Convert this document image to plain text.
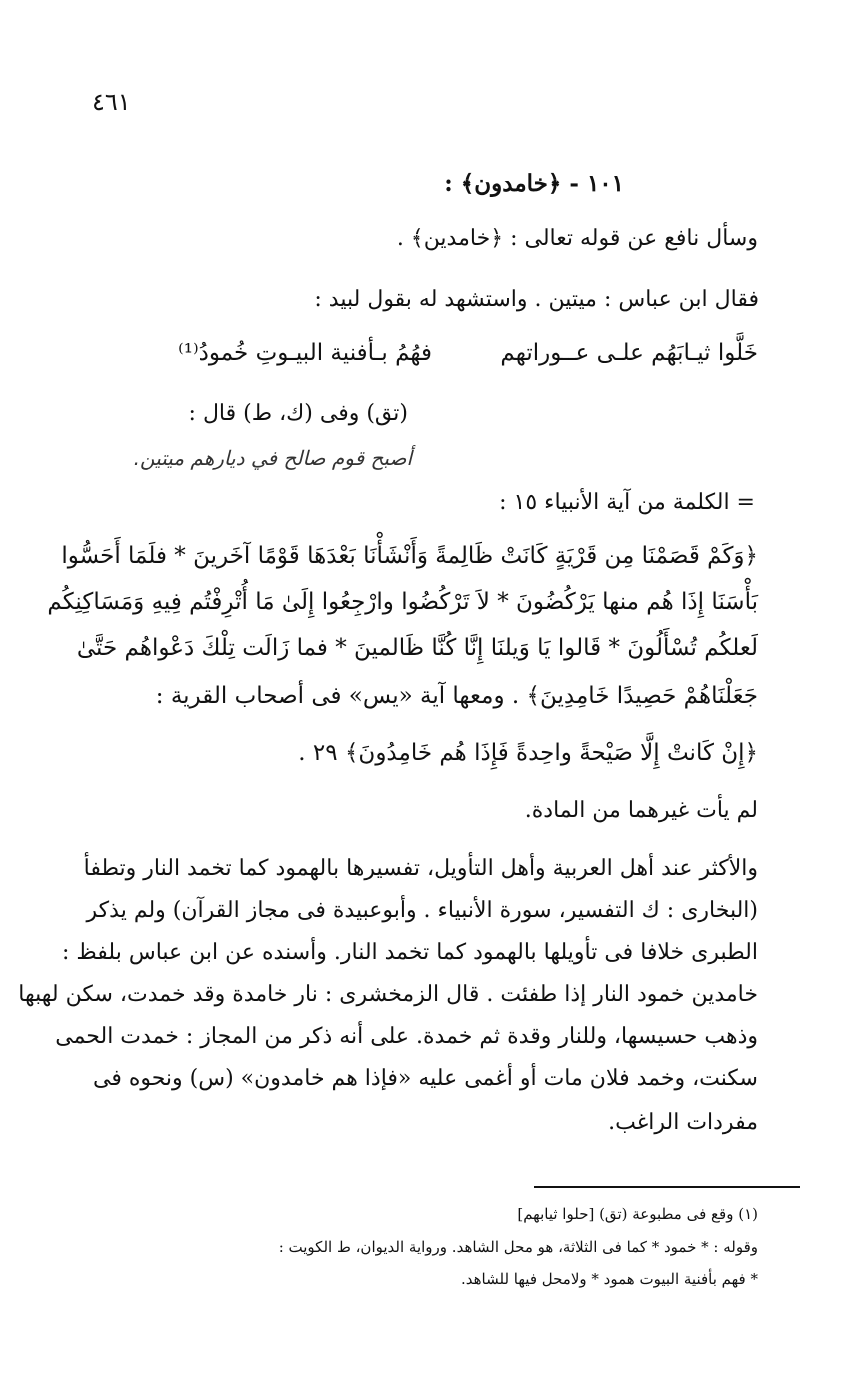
٤٦١
١٠١ - ﴿خامدون﴾ :
وسأل نافع عن قوله تعالى : ﴿خامدين﴾ .
فقال ابن عباس : ميتين . واستشهد له بقول لبيد :
خَلَّوا ثيـابَهُم علـى عــوراتهم
فهُمُ بـأفنية البيـوتِ خُمودُ⁽¹⁾
(تق) وفى (ك، ط) قال :
أصبح قوم صالح في ديارهم ميتين.
= الكلمة من آية الأنبياء ١٥ :
﴿وَكَمْ قَصَمْنَا مِن قَرْيَةٍ كَانَتْ ظَالِمةً وَأَنْشَأْنَا بَعْدَهَا قَوْمًا آخَرينَ * فلَمَا أَحَسُّوا
بَأْسَنَا إِذَا هُم منها يَرْكُضُونَ * لاَ تَرْكُضُوا وارْجِعُوا إِلَىٰ مَا أُتْرِفْتُم فِيهِ وَمَسَاكِنِكُم
لَعلكُم تُسْأَلُونَ * قَالوا يَا وَيلنَا إِنَّا كُنَّا ظَالمينَ * فما زَالَت تِلْكَ دَعْواهُم حَتَّىٰ
جَعَلْنَاهُمْ حَصِيدًا خَامِدِينَ﴾ . ومعها آية «يس» فى أصحاب القرية :
﴿إِنْ كَانتْ إِلَّا صَيْحةً واحِدةً فَإِذَا هُم خَامِدُونَ﴾ ٢٩ .
لم يأت غيرهما من المادة.
والأكثر عند أهل العربية وأهل التأويل، تفسيرها بالهمود كما تخمد النار وتطفأ
(البخارى : ك التفسير، سورة الأنبياء . وأبوعبيدة فى مجاز القرآن) ولم يذكر
الطبرى خلافا فى تأويلها بالهمود كما تخمد النار. وأسنده عن ابن عباس بلفظ :
خامدين خمود النار إذا طفئت . قال الزمخشرى : نار خامدة وقد خمدت، سكن لهبها
وذهب حسيسها، وللنار وقدة ثم خمدة. على أنه ذكر من المجاز : خمدت الحمى
سكنت، وخمد فلان مات أو أغمى عليه «فإذا هم خامدون» (س) ونحوه فى
مفردات الراغب.
(١) وقع فى مطبوعة (تق) [حلوا ثيابهم]
وقوله : * خمود * كما فى الثلاثة، هو محل الشاهد. ورواية الديوان، ط الكويت :
* فهم بأفنية البيوت همود * ولامحل فيها للشاهد.
